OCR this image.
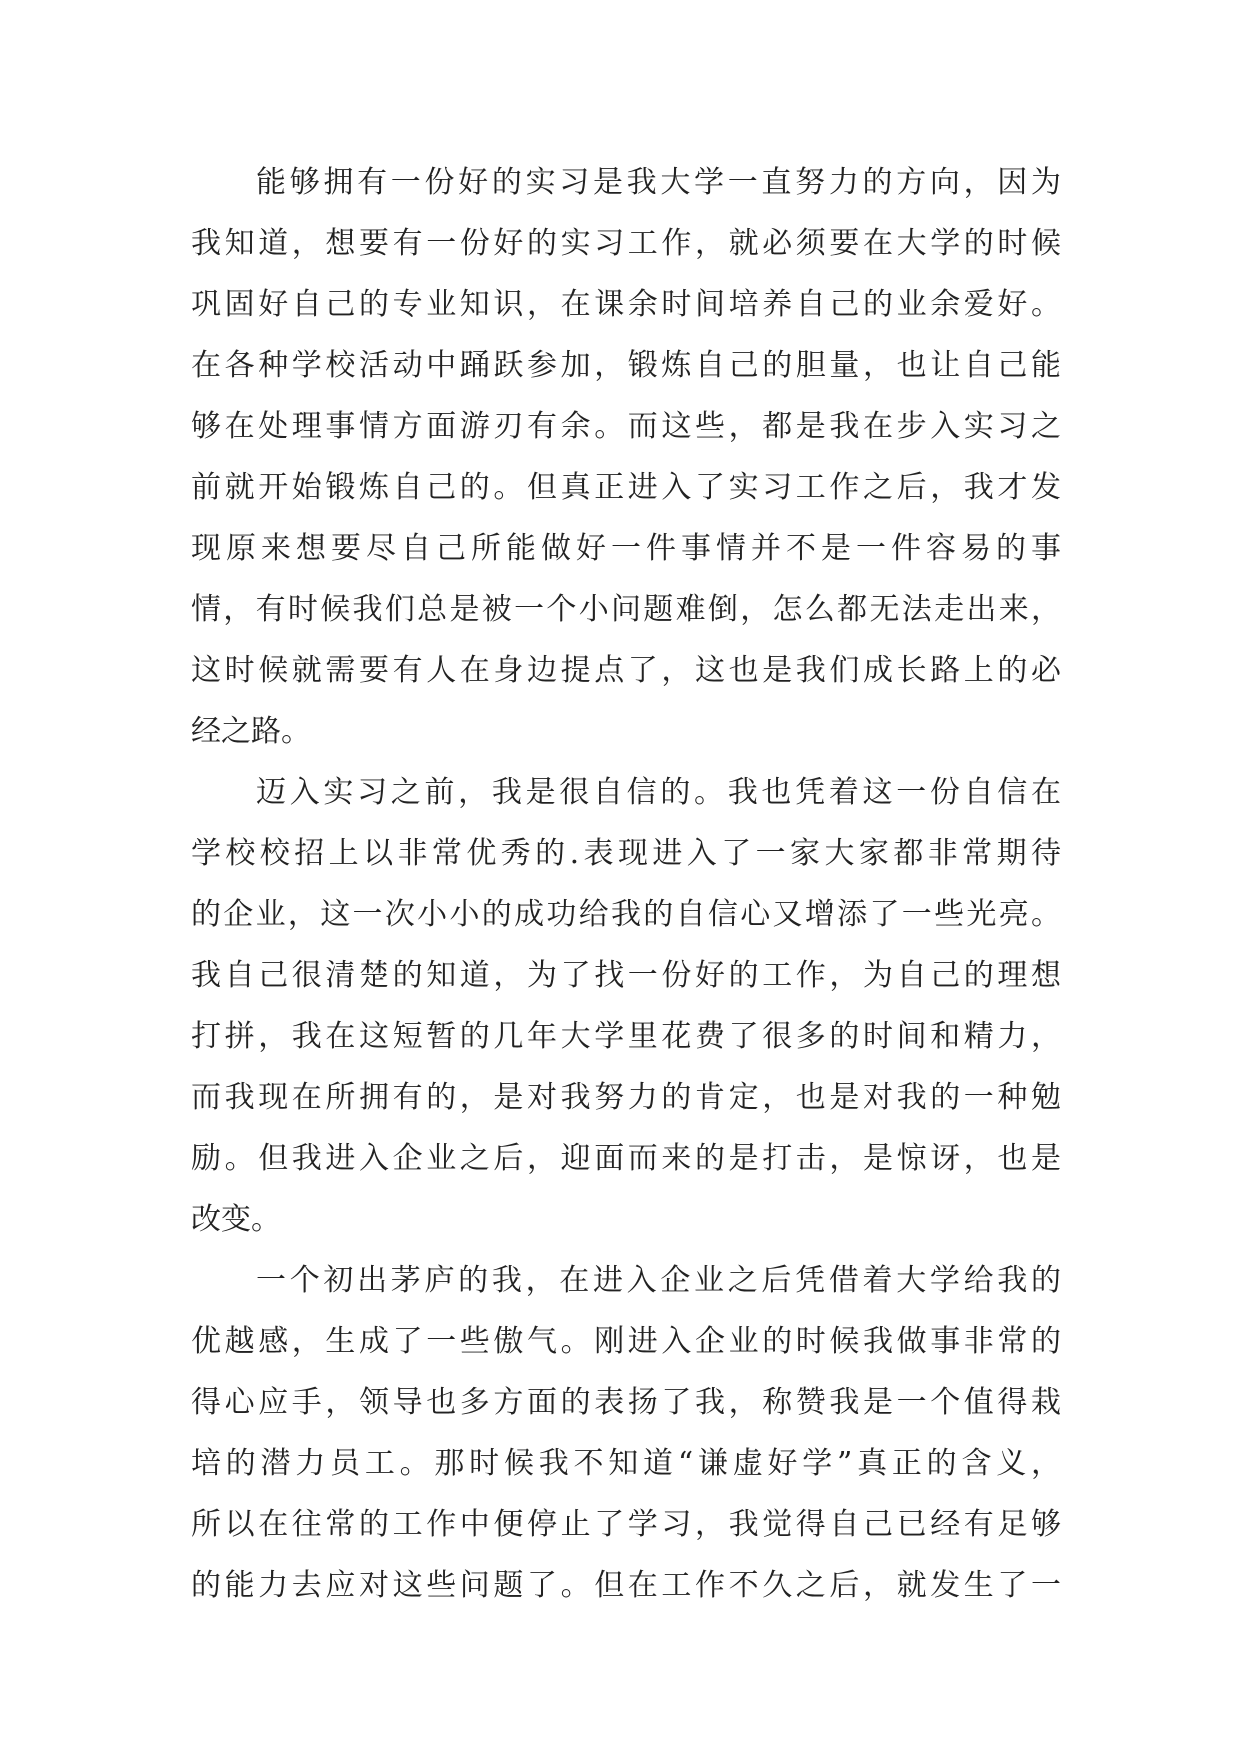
能够拥有一份好的实习是我大学一直努力的方向，因为
我知道，想要有一份好的实习工作，就必须要在大学的时候
巩固好自己的专业知识，在课余时间培养自己的业余爱好。
在各种学校活动中踊跃参加，锻炼自己的胆量，也让自己能
够在处理事情方面游刃有余。而这些，都是我在步入实习之
前就开始锻炼自己的。但真正进入了实习工作之后，我才发
现原来想要尽自己所能做好一件事情并不是一件容易的事
情，有时候我们总是被一个小问题难倒，怎么都无法走出来，
这时候就需要有人在身边提点了，这也是我们成长路上的必
经之路。
迈入实习之前，我是很自信的。我也凭着这一份自信在
学校校招上以非常优秀的.表现进入了一家大家都非常期待
的企业，这一次小小的成功给我的自信心又增添了一些光亮。
我自己很清楚的知道，为了找一份好的工作，为自己的理想
打拼，我在这短暂的几年大学里花费了很多的时间和精力，
而我现在所拥有的，是对我努力的肯定，也是对我的一种勉
励。但我进入企业之后，迎面而来的是打击，是惊讶，也是
改变。
一个初出茅庐的我，在进入企业之后凭借着大学给我的
优越感，生成了一些傲气。刚进入企业的时候我做事非常的
得心应手，领导也多方面的表扬了我，称赞我是一个值得栽
培的潜力员工。那时候我不知道“谦虚好学”真正的含义，
所以在往常的工作中便停止了学习，我觉得自己已经有足够
的能力去应对这些问题了。但在工作不久之后，就发生了一
